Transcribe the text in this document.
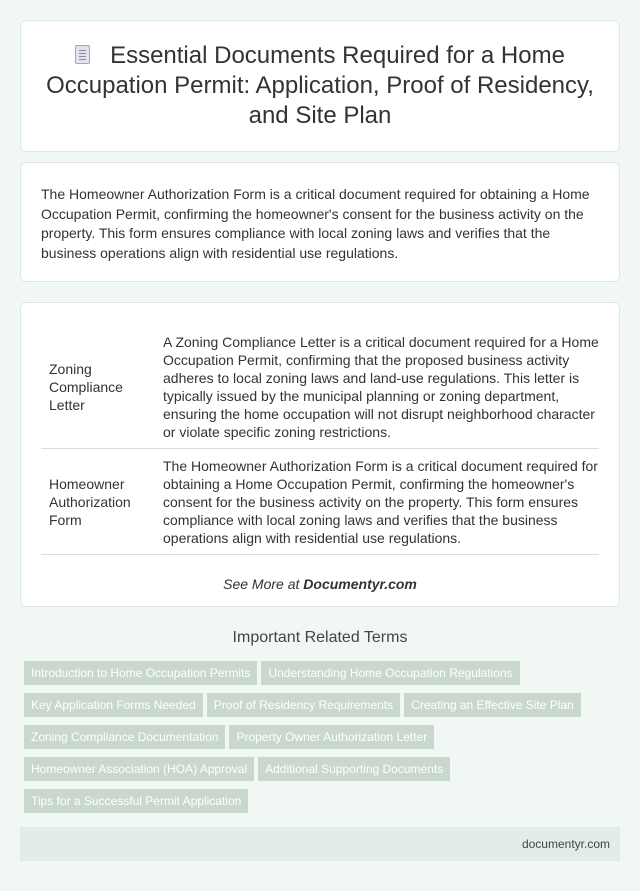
Essential Documents Required for a Home Occupation Permit: Application, Proof of Residency, and Site Plan

The Homeowner Authorization Form is a critical document required for obtaining a Home Occupation Permit, confirming the homeowner's consent for the business activity on the property. This form ensures compliance with local zoning laws and verifies that the business operations align with residential use regulations.

Zoning Compliance Letter	A Zoning Compliance Letter is a critical document required for a Home Occupation Permit, confirming that the proposed business activity adheres to local zoning laws and land-use regulations. This letter is typically issued by the municipal planning or zoning department, ensuring the home occupation will not disrupt neighborhood character or violate specific zoning restrictions.
Homeowner Authorization Form	The Homeowner Authorization Form is a critical document required for obtaining a Home Occupation Permit, confirming the homeowner's consent for the business activity on the property. This form ensures compliance with local zoning laws and verifies that the business operations align with residential use regulations.
See More at Documentyr.com
Important Related Terms
Introduction to Home Occupation Permits	Understanding Home Occupation Regulations
Key Application Forms Needed	Proof of Residency Requirements	Creating an Effective Site Plan
Zoning Compliance Documentation	Property Owner Authorization Letter
Homeowner Association (HOA) Approval	Additional Supporting Documents
Tips for a Successful Permit Application
documentyr.com
